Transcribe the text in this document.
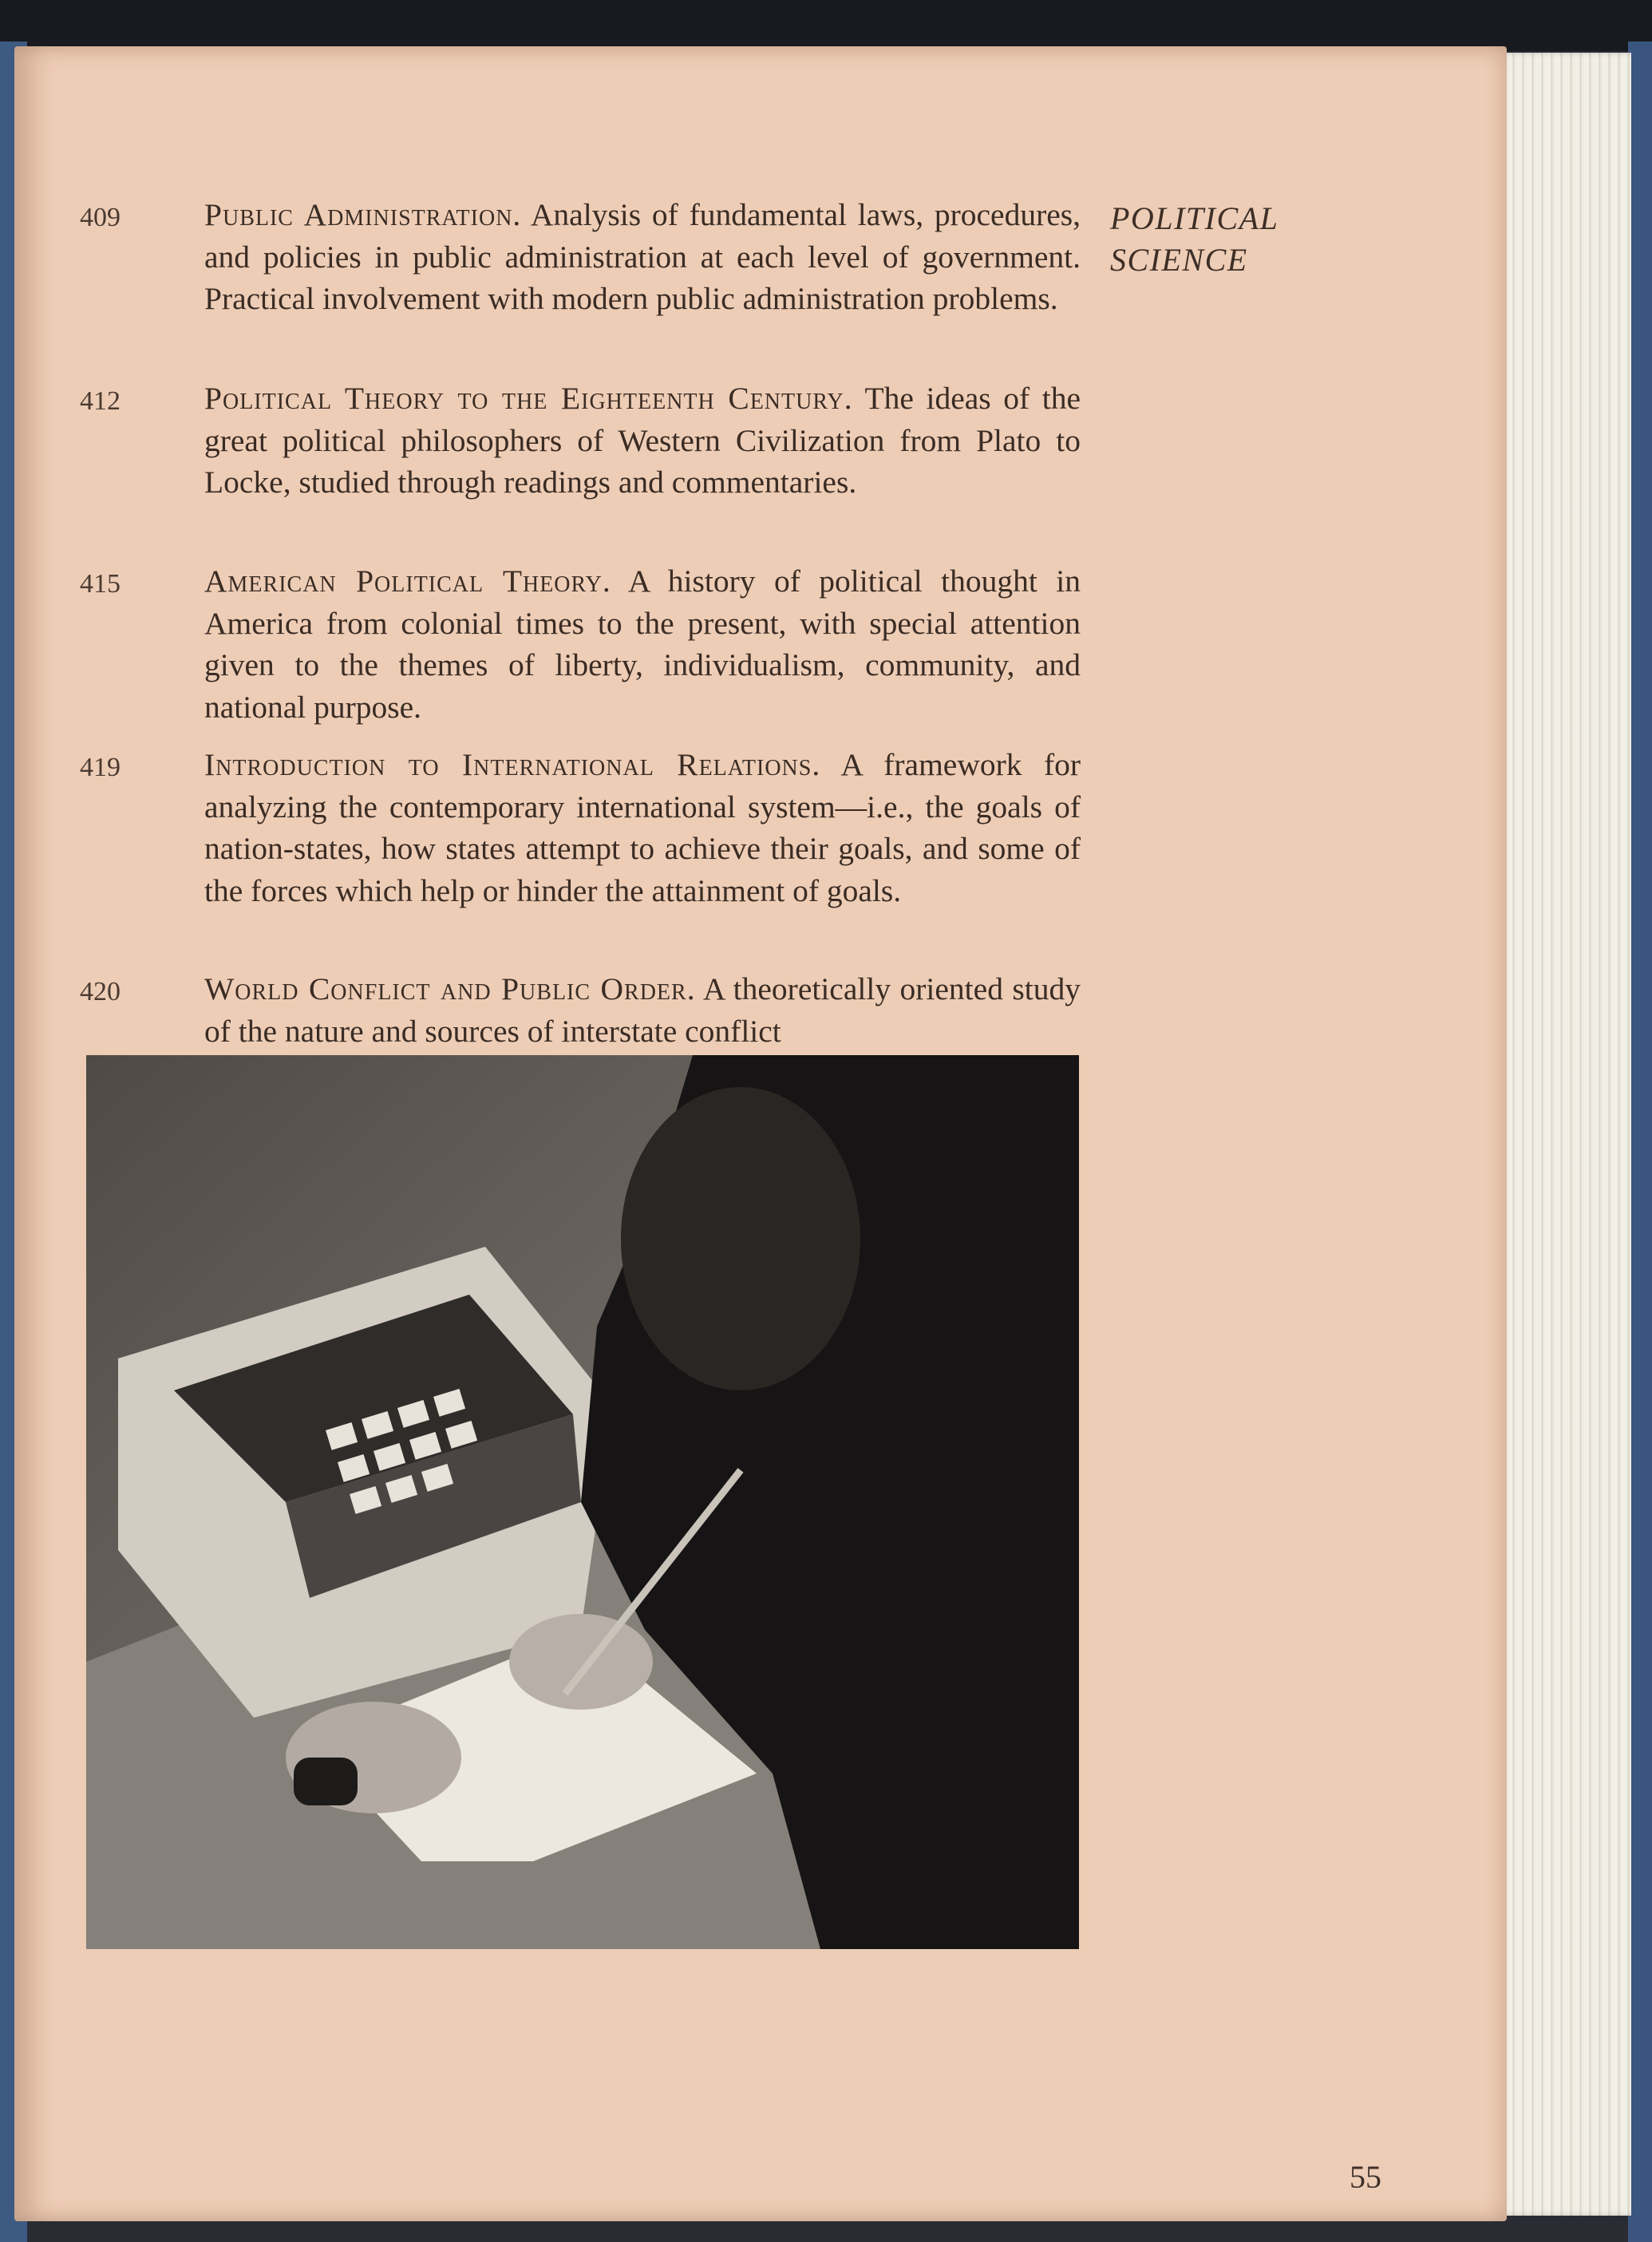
POLITICAL
SCIENCE
409	Public Administration. Analysis of fundamental laws, procedures, and policies in public administration at each level of government. Practical involvement with modern public administration problems.
412	Political Theory to the Eighteenth Century. The ideas of the great political philosophers of Western Civilization from Plato to Locke, studied through readings and commentaries.
415	American Political Theory. A history of political thought in America from colonial times to the present, with special attention given to the themes of liberty, individualism, community, and national purpose.
419	Introduction to International Relations. A framework for analyzing the contemporary international system—i.e., the goals of nation-states, how states attempt to achieve their goals, and some of the forces which help or hinder the attainment of goals.
420	World Conflict and Public Order. A theoretically oriented study of the nature and sources of interstate conflict
55
